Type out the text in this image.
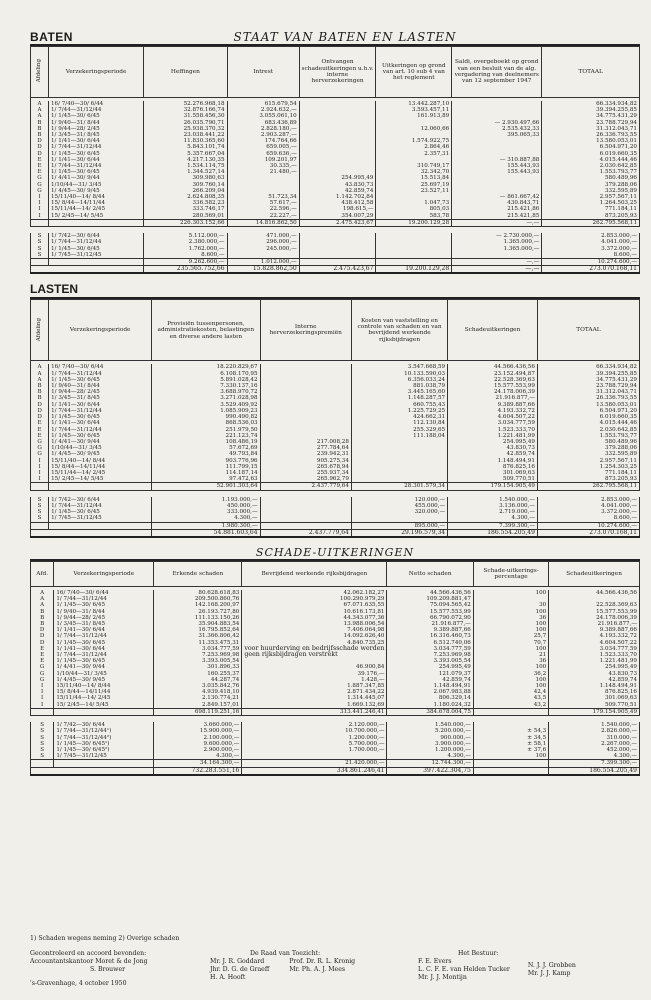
BATEN	STAAT VAN BATEN EN LASTEN
Afdeling	Verzekeringsperiode	Heffingen	Intrest	Ontvangen schadeuitkeringen u.h.v. interne herverzekeringen	Uitkeringen op grond van art. 10 sub 4 van het reglement	Saldi, overgeboekt op grond van een besluit van de alg. vergadering van deelnemers van 12 september 1947	TOTAAL

A	16/ 7/40—30/ 6/44	52.276.968,18	615.679,54		13.442.287,10		66.334.934,82
A	1/ 7/44—31/12/44	32.876.166,74	2.924.632,—		3.593.457,11		39.394.255,85
A	1/ 1/45—30/ 6/45	31.558.456,30	3.055.061,10		161.913,89		34.775.431,29
B	1/ 9/40—31/ 8/44	26.035.790,71	683.436,89			— 2.930.497,66	23.788.729,94
B	1/ 9/44—28/ 2/45	25.938.370,32	2.828.180,—		12.060,66	2.535.432,33	31.312.043,71
B	1/ 3/45—31/ 8/45	23.038.441,22	2.903.287,—			395.065,33	26.336.793,55
D	1/ 1/41—30/ 6/44	11.830.365,60	174.764,66		1.574.922,75		13.580.053,01
D	1/ 7/44—31/12/44	5.843.101,74	659.005,—		2.864,46		6.504.971,20
D	1/ 1/45—30/ 6/45	5.357.667,04	659.636,—		2.357,31		6.019.660,35
E	1/ 1/41—30/ 6/44	4.217.130,35	109.201,97			— 310.887,88	4.015.444,46
E	1/ 7/44—31/12/44	1.534.114,75	30.335,—		310.749,17	155.443,93	2.030.642,85
E	1/ 1/45—30/ 6/45	1.344.527,14	21.480,—		32.342,70	155.443,93	1.553.793,77
G	1/ 4/41—30/ 9/44	309.980,63		254.995,49	15.513,84		580.489,96
G	1/10/44—31/ 3/45	309.760,14		43.830,73	25.697,19		379.288,06
G	1/ 4/45—30/ 9/45	266.209,04		42.859,74	23.527,11		332.595,89
I	15/11/40—14/ 8/44	2.624.808,35	51.723,34	1.142.702,84		— 861.667,42	2.957.567,11
I	15/ 8/44—14/11/44	336.582,23	57.617,—	438.412,58	1.047,73	430.843,71	1.264.503,25
I	15/11/44—14/ 2/45	333.746,17	22.596,—	198.615,—	805,03	215.421,86	771.184,11
I	15/ 2/45—14/ 5/45	280.569,01	22.227,—	354.007,29	583,78	215.421,85	873.205,93
		226.303.152,66	14.816.862,50	2.475.423,67	19.200.129,28	—,—	262.795.568,11

S	1/ 7/42—30/ 6/44	5.112.000,—	471.000,—			— 2.730.000,—	2.853.000,—
S	1/ 7/44—31/12/44	2.380.000,—	296.000,—			1.365.000,—	4.041.000,—
S	1/ 1/45—30/ 6/45	1.762.000,—	245.000,—			1.365.000,—	3.372.000,—
S	1/ 7/45—31/12/45	8.600,—					8.600,—
		9.262.600,—	1.012.000,—			—,—	10.274.600,—
		235.565.752,66	15.828.862,50	2.475.423,67	19.200.129,28	—,—	273.070.168,11
LASTEN
Afdeling	Verzekeringsperiode	Provisiën tussenpersonen, administratiekosten, belastingen en diverse andere lasten	Interne herverzekeringspremiën	Kosten van vaststelling en controle van schaden en van bevrijdend werkende rijksbijdragen	Schadeuitkeringen	TOTAAL

A	16/ 7/40—30/ 6/44	18.220.829,67		3.547.668,59	44.566.436,56	66.334.934,82
A	1/ 7/44—31/12/44	6.108.170,95		10.133.590,03	23.152.494,87	39.394.255,85
A	1/ 1/45—30/ 6/45	5.891.028,42		6.356.033,24	22.528.369,63	34.775.431,29
B	1/ 9/40—31/ 8/44	7.330.137,16		881.038,79	15.577.553,99	23.788.729,94
B	1/ 9/44—28/ 2/45	3.688.970,72		3.445.165,60	24.178.006,39	31.312.043,71
B	1/ 3/45—31/ 8/45	3.271.028,98		1.148.287,57	21.916.877,—	26.336.793,55
D	1/ 1/41—30/ 6/44	3.529.409,92		660.755,43	9.389.887,66	13.580.053,01
D	1/ 7/44—31/12/44	1.085.909,23		1.225.729,25	4.193.332,72	6.504.971,20
D	1/ 1/45—30/ 6/45	990.490,82		424.662,31	4.604.507,22	6.019.660,35
E	1/ 1/41—30/ 6/44	868.536,03		112.130,84	3.034.777,59	4.015.444,46
E	1/ 7/44—31/12/44	251.979,50		255.329,65	1.523.333,70	2.030.642,85
E	1/ 1/45—30/ 6/45	221.123,74		111.188,04	1.221.481,99	1.553.793,77
G	1/ 4/41—30/ 9/44	108.486,19	217.008,28		254.995,49	580.489,96
G	1/10/44—31/ 3/45	57.672,69	277.784,64		43.830,73	379.288,06
G	1/ 4/45—30/ 9/45	49.793,84	239.942,31		42.859,74	332.595,89
I	15/11/40—14/ 8/44	903.776,96	905.275,34		1.148.494,91	2.957.567,11
I	15/ 8/44—14/11/44	111.799,15	265.678,94		876.825,16	1.254.303,25
I	15/11/44—14/ 2/45	114.187,14	255.937,34		301.069,63	771.184,11
I	15/ 2/45—14/ 5/45	97.472,63	265.962,79		509.770,51	873.205,93
		52.901.303,64	2.437.779,64	28.301.579,34	179.154.905,49	262.795.568,11

S	1/ 7/42—30/ 6/44	1.193.000,—		120.000,—	1.540.000,—	2.853.000,—
S	1/ 7/44—31/12/44	450.000,—		455.000,—	3.136.000,—	4.041.000,—
S	1/ 1/45—30/ 6/45	333.000,—		320.000,—	2.719.000,—	3.372.000,—
S	1/ 7/45—31/12/45	4.300,—			4.300,—	8.600,—
		1.980.300,—		895.000,—	7.399.300,—	10.274.600,—
		54.881.603,64	2.437.779,64	29.196.579,34	186.554.205,49	273.070.168,11
SCHADE-UITKERINGEN
Afd.	Verzekeringsperiode	Erkende schaden	Bevrijdend werkende rijksbijdragen	Netto schaden	Schade-uitkerings-percentage	Schadeuitkeringen

A	16/ 7/40—30/ 6/44	80.628.618,83	42.062.182,27	44.566.436,56	100	44.566.436,56
A	1/ 7/44—31/12/44	209.500.860,76	100.290.979,29	109.209.881,47		
A	1/ 1/45—30/ 6/45	142.168.200,97	67.071.635,55	75.094.565,42	30	22.528.369,63
B	1/ 9/40—31/ 8/44	26.193.727,80	10.616.173,81	15.577.553,99	100	15.577.553,99
B	1/ 9/44—28/ 2/45	111.133.150,26	44.343.077,36	66.790.072,90	36	24.178.006,39
B	1/ 3/45—31/ 8/45	35.904.883,54	13.988.006,54	21.916.877,—	100	21.916.877,—
D	1/ 1/41—30/ 6/44	16.795.852,64	7.406.064,98	9.389.887,66	100	9.389.887,66
D	1/ 7/44—31/12/44	31.366.806,42	14.092.626,40	16.316.460,73	25,7	4.193.332,72
D	1/ 1/45—30/ 6/45	11.353.475,31	4.840.735,25	6.512.740,06	70,7	4.604.507,22
E	1/ 1/41—30/ 6/44	3.034.777,59	voor huurderving en bedrijfsschade werden	3.034.777,59	100	3.034.777,59
E	1/ 7/44—31/12/44	7.253.969,98	geen rijksbijdragen verstrekt	7.253.969,98	21	1.523.333,70
E	1/ 1/45—30/ 6/45	3.393.005,54		3.393.005,54	36	1.221.481,99
G	1/ 4/41—30/ 9/44	301.896,33	46.900,84	254.995,49	100	254.995,49
G	1/10/44—31/ 3/45	160.255,37	39.176,—	121.079,37	36,2	43.830,73
G	1/ 4/45—30/ 9/45	44.287,74	1.428,—	42.859,74	100	42.859,74
I	15/11/40—14/ 8/44	3.035.842,76	1.887.347,85	1.148.494,91	100	1.148.494,91
I	15/ 8/44—14/11/44	4.939.418,10	2.871.434,22	2.067.983,88	42,4	876.825,16
I	15/11/44—14/ 2/45	2.130.774,21	1.314.445,07	806.329,14	43,5	301.069,63
I	15/ 2/45—14/ 5/45	2.849.157,01	1.669.132,69	1.180.024,32	43,2	509.770,51
		698.119.251,16	313.441.246,41	384.678.004,75		179.154.905,49

S	1/ 7/42—30/ 6/44	3.660.000,—	2.120.000,—	1.540.000,—		1.540.000,—
S	1/ 7/44—31/12/44¹)	15.900.000,—	10.700.000,—	5.200.000,—	± 54,3	2.826.000,—
S	1/ 7/44—31/12/44²)	2.100.000,—	1.200.000,—	900.000,—	± 34,5	310.000,—
S	1/ 1/45—30/ 6/45¹)	9.600.000,—	5.700.000,—	3.900.000,—	± 58,1	2.267.000,—
S	1/ 1/45—30/ 6/45²)	2.900.000,—	1.700.000,—	1.200.000,—	± 37,6	452.000,—
S	1/ 7/45—31/12/45	4.300,—		4.300,—	100	4.300,—
		34.164.300,—	21.420.000,—	12.744.300,—		7.399.300,—
		732.283.551,16	334.861.246,41	397.422.304,75		186.554.205,49
1) Schaden wegens neming 2) Overige schaden
Gecontroleerd en accoord bevonden:
Accountantskantoor Moret & de Jong
S. Brouwer
's-Gravenhage, 4 october 1950
De Raad van Toezicht:
Mr. J. R. Goddard
Jhr. D. G. de Graeff
H. A. Hooft
Prof. Dr. R. L. Kronig
Mr. Ph. A. J. Mees
Het Bestuur:
F. E. Evers
L. C. F. E. van Helden Tucker
Mr. J. J. Montijn
N. J. J. Grobben
Mr. J. J. Kamp
